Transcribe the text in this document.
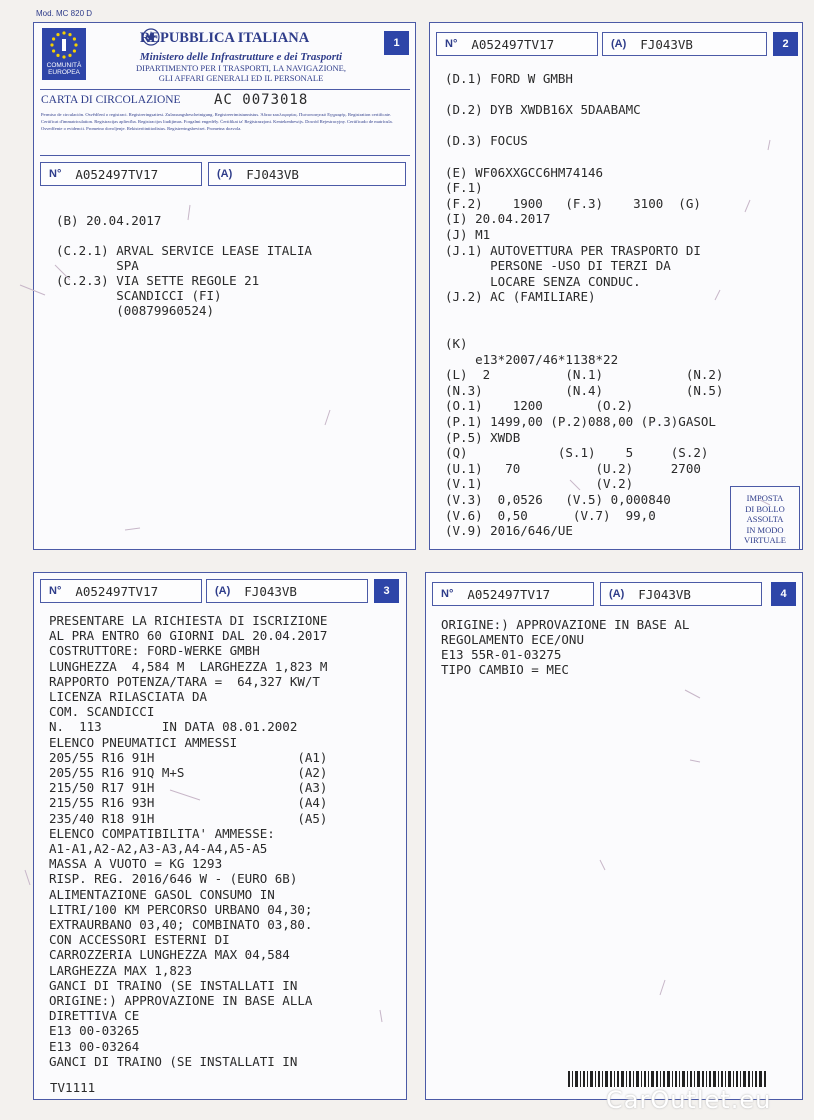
Mod. MC 820 D
COMUNITÀ
EUROPEA
REPUBBLICA ITALIANA
Ministero delle Infrastrutture e dei Trasporti
DIPARTIMENTO PER I TRASPORTI, LA NAVIGAZIONE,
GLI AFFARI GENERALI ED IL PERSONALE
1
CARTA DI CIRCOLAZIONE AC 0073018
Permiso de circulación. Osvědčení o registraci. Registreringsattest. Zulassungsbescheinigung. Registreerimistunnistus. Άδεια κυκλοφορίας. Πιστοποιητικό Εγγραφής. Registration certificate. Certificat d'immatriculation. Registracijas apliecība. Registracijos liudijimas. Forgalmi engedély. Ċertifikat ta' Reġistrazzjoni. Kentekenbewijs. Dowód Rejestracyjny. Certificado de matrícula. Osvedčenie o evidencii. Prometno dovoljenje. Rekisteröintitodistus. Registreringsbeviset. Prometna dozvola.
N° A052497TV17	(A) FJ043VB
(B) 20.04.2017

(C.2.1) ARVAL SERVICE LEASE ITALIA
SPA
(C.2.3) VIA SETTE REGOLE 21
SCANDICCI (FI)
(00879960524)
N° A052497TV17	(A) FJ043VB	2
(D.1) FORD W GMBH

(D.2) DYB XWDB16X 5DAABAMC

(D.3) FOCUS

(E) WF06XXGCC6HM74146
(F.1)
(F.2)    1900   (F.3)    3100  (G)
(I) 20.04.2017
(J) M1
(J.1) AUTOVETTURA PER TRASPORTO DI
PERSONE -USO DI TERZI DA
LOCARE SENZA CONDUC.
(J.2) AC (FAMILIARE)

(K)
e13*2007/46*1138*22
(L)  2          (N.1)           (N.2)
(N.3)           (N.4)           (N.5)
(O.1)    1200       (O.2)
(P.1) 1499,00 (P.2)088,00 (P.3)GASOL
(P.5) XWDB
(Q)            (S.1)    5     (S.2)
(U.1)   70          (U.2)     2700
(V.1)               (V.2)
(V.3)  0,0526   (V.5) 0,000840
(V.6)  0,50      (V.7)  99,0
(V.9) 2016/646/UE
IMPOSTA
DI BOLLO
ASSOLTA
IN MODO
VIRTUALE
N° A052497TV17	(A) FJ043VB	3
PRESENTARE LA RICHIESTA DI ISCRIZIONE
AL PRA ENTRO 60 GIORNI DAL 20.04.2017
COSTRUTTORE: FORD-WERKE GMBH
LUNGHEZZA  4,584 M  LARGHEZZA 1,823 M
RAPPORTO POTENZA/TARA =  64,327 KW/T
LICENZA RILASCIATA DA
COM. SCANDICCI
N.  113        IN DATA 08.01.2002
ELENCO PNEUMATICI AMMESSI
205/55 R16 91H                   (A1)
205/55 R16 91Q M+S               (A2)
215/50 R17 91H                   (A3)
215/55 R16 93H                   (A4)
235/40 R18 91H                   (A5)
ELENCO COMPATIBILITA' AMMESSE:
A1-A1,A2-A2,A3-A3,A4-A4,A5-A5
MASSA A VUOTO = KG 1293
RISP. REG. 2016/646 W - (EURO 6B)
ALIMENTAZIONE GASOL CONSUMO IN
LITRI/100 KM PERCORSO URBANO 04,30;
EXTRAURBANO 03,40; COMBINATO 03,80.
CON ACCESSORI ESTERNI DI
CARROZZERIA LUNGHEZZA MAX 04,584
LARGHEZZA MAX 1,823
GANCI DI TRAINO (SE INSTALLATI IN
ORIGINE:) APPROVAZIONE IN BASE ALLA
DIRETTIVA CE
E13 00-03265
E13 00-03264
GANCI DI TRAINO (SE INSTALLATI IN
TV1111
N° A052497TV17	(A) FJ043VB	4
ORIGINE:) APPROVAZIONE IN BASE AL
REGOLAMENTO ECE/ONU
E13 55R-01-03275
TIPO CAMBIO = MEC
CarOutlet.eu
